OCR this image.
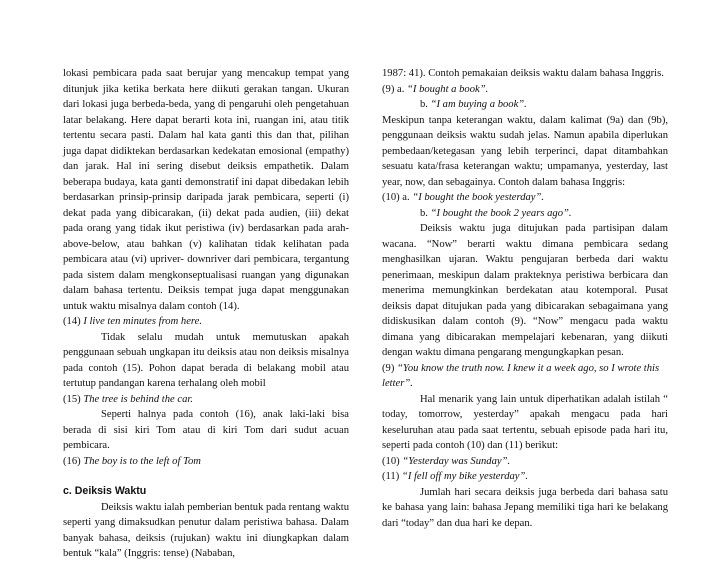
lokasi pembicara pada saat berujar yang mencakup tempat yang ditunjuk jika ketika berkata here diikuti gerakan tangan. Ukuran dari lokasi juga berbeda-beda, yang di pengaruhi oleh pengetahuan latar belakang. Here dapat berarti kota ini, ruangan ini, atau titik tertentu secara pasti. Dalam hal kata ganti this dan that, pilihan juga dapat didiktekan berdasarkan kedekatan emosional (empathy) dan jarak. Hal ini sering disebut deiksis empathetik. Dalam beberapa budaya, kata ganti demonstratif ini dapat dibedakan lebih berdasarkan prinsip-prinsip daripada jarak pembicara, seperti (i) dekat pada yang dibicarakan, (ii) dekat pada audien, (iii) dekat pada orang yang tidak ikut peristiwa (iv) berdasarkan pada arah-above-below, atau bahkan (v) kalihatan tidak kelihatan pada pembicara atau (vi) upriver- downriver dari pembicara, tergantung pada sistem dalam mengkonseptualisasi ruangan yang digunakan dalam bahasa tertentu. Deiksis tempat juga dapat menggunakan untuk waktu misalnya dalam contoh (14).

(14) I live ten minutes from here.

Tidak selalu mudah untuk memutuskan apakah penggunaan sebuah ungkapan itu deiksis atau non deiksis misalnya pada contoh (15). Pohon dapat berada di belakang mobil atau tertutup pandangan karena terhalang oleh mobil

(15) The tree is behind the car.

Seperti halnya pada contoh (16), anak laki-laki bisa berada di sisi kiri Tom atau di kiri Tom dari sudut acuan pembicara.

(16) The boy is to the left of Tom

c. Deiksis Waktu

Deiksis waktu ialah pemberian bentuk pada rentang waktu seperti yang dimaksudkan penutur dalam peristiwa bahasa. Dalam banyak bahasa, deiksis (rujukan) waktu ini diungkapkan dalam bentuk “kala” (Inggris: tense) (Nababan,

1987: 41). Contoh pemakaian deiksis waktu dalam bahasa Inggris.

(9) a. “I bought a book”.

b. “I am buying a book”.

Meskipun tanpa keterangan waktu, dalam kalimat (9a) dan (9b), penggunaan deiksis waktu sudah jelas. Namun apabila diperlukan pembedaan/ketegasan yang lebih terperinci, dapat ditambahkan sesuatu kata/frasa keterangan waktu; umpamanya, yesterday, last year, now, dan sebagainya. Contoh dalam bahasa Inggris:

(10) a. “I bought the book yesterday”.

b. “I bought the book 2 years ago”.

Deiksis waktu juga ditujukan pada partisipan dalam wacana. “Now” berarti waktu dimana pembicara sedang menghasilkan ujaran. Waktu pengujaran berbeda dari waktu penerimaan, meskipun dalam prakteknya peristiwa berbicara dan menerima memungkinkan berdekatan atau kotemporal. Pusat deiksis dapat ditujukan pada yang dibicarakan sebagaimana yang didiskusikan dalam contoh (9). “Now” mengacu pada waktu dimana yang dibicarakan mempelajari kebenaran, yang diikuti dengan waktu dimana pengarang mengungkapkan pesan.

(9) “You know the truth now. I knew it a week ago, so I wrote this letter”.

Hal menarik yang lain untuk diperhatikan adalah istilah “ today, tomorrow, yesterday” apakah mengacu pada hari keseluruhan atau pada saat tertentu, sebuah episode pada hari itu, seperti pada contoh (10) dan (11) berikut:

(10) “Yesterday was Sunday”.

(11) “I fell off my bike yesterday”.

Jumlah hari secara deiksis juga berbeda dari bahasa satu ke bahasa yang lain: bahasa Jepang memiliki tiga hari ke belakang dari “today” dan dua hari ke depan.
